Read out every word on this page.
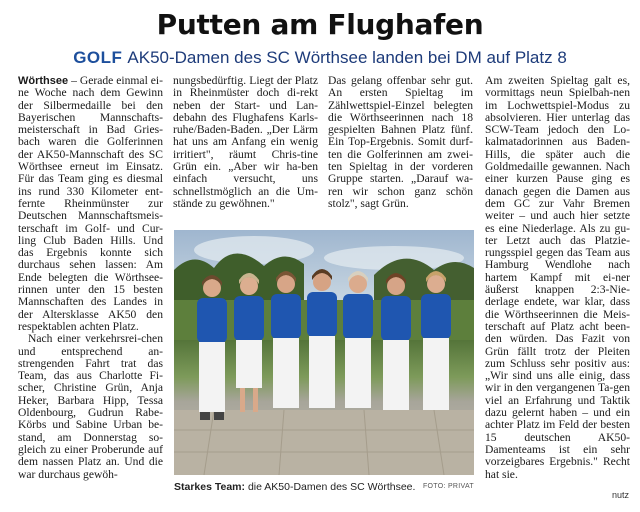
Putten am Flughafen
GOLF AK50-Damen des SC Wörthsee landen bei DM auf Platz 8

Wörthsee – Gerade einmal ei-ne Woche nach dem Gewinn der Silbermedaille bei den Bayerischen Mannschafts-meisterschaft in Bad Gries-bach waren die Golferinnen der AK50-Mannschaft des SC Wörthsee erneut im Einsatz. Für das Team ging es diesmal ins rund 330 Kilometer ent-fernte Rheinmünster zur Deutschen Mannschaftsmeis-terschaft im Golf- und Cur-ling Club Baden Hills. Und das Ergebnis konnte sich durchaus sehen lassen: Am Ende belegten die Wörthsee-rinnen unter den 15 besten Mannschaften des Landes in der Altersklasse AK50 den respektablen achten Platz.

Nach einer verkehrsrei-chen und entsprechend an-strengenden Fahrt trat das Team, das aus Charlotte Fi-scher, Christine Grün, Anja Heker, Barbara Hipp, Tessa Oldenbourg, Gudrun Rabe-Körbs und Sabine Urban be-stand, am Donnerstag so-gleich zu einer Proberunde auf dem nassen Platz an. Und die war durchaus gewöh-

nungsbedürftig. Liegt der Platz in Rheinmüster doch di-rekt neben der Start- und Lan-debahn des Flughafens Karls-ruhe/Baden-Baden. „Der Lärm hat uns am Anfang ein wenig irritiert", räumt Chris-tine Grün ein. „Aber wir ha-ben einfach versucht, uns schnellstmöglich an die Um-stände zu gewöhnen."

Das gelang offenbar sehr gut. An ersten Spieltag im Zählwettspiel-Einzel belegten die Wörthseerinnen nach 18 gespielten Bahnen Platz fünf. Ein Top-Ergebnis. Somit durf-ten die Golferinnen am zwei-ten Spieltag in der vorderen Gruppe starten. „Darauf wa-ren wir schon ganz schön stolz", sagt Grün.

Am zweiten Spieltag galt es, vormittags neun Spielbah-nen im Lochwettspiel-Modus zu absolvieren. Hier unterlag das SCW-Team jedoch den Lo-kalmatadorinnen aus Baden-Hills, die später auch die Goldmedaille gewannen. Nach einer kurzen Pause ging es danach gegen die Damen aus dem GC zur Vahr Bremen weiter – und auch hier setzte es eine Niederlage. Als zu gu-ter Letzt auch das Platzie-rungsspiel gegen das Team aus Hamburg Wendlohe nach hartem Kampf mit ei-ner äußerst knappen 2:3-Nie-derlage endete, war klar, dass die Wörthseerinnen die Meis-terschaft auf Platz acht been-den würden. Das Fazit von Grün fällt trotz der Pleiten zum Schluss sehr positiv aus: „Wir sind uns alle einig, dass wir in den vergangenen Ta-gen viel an Erfahrung und Taktik dazu gelernt haben – und ein achter Platz im Feld der besten 15 deutschen AK50-Damenteams ist ein sehr vorzeigbares Ergebnis." Recht hat sie.

Starkes Team: die AK50-Damen des SC Wörthsee. FOTO: PRIVAT
nutz
